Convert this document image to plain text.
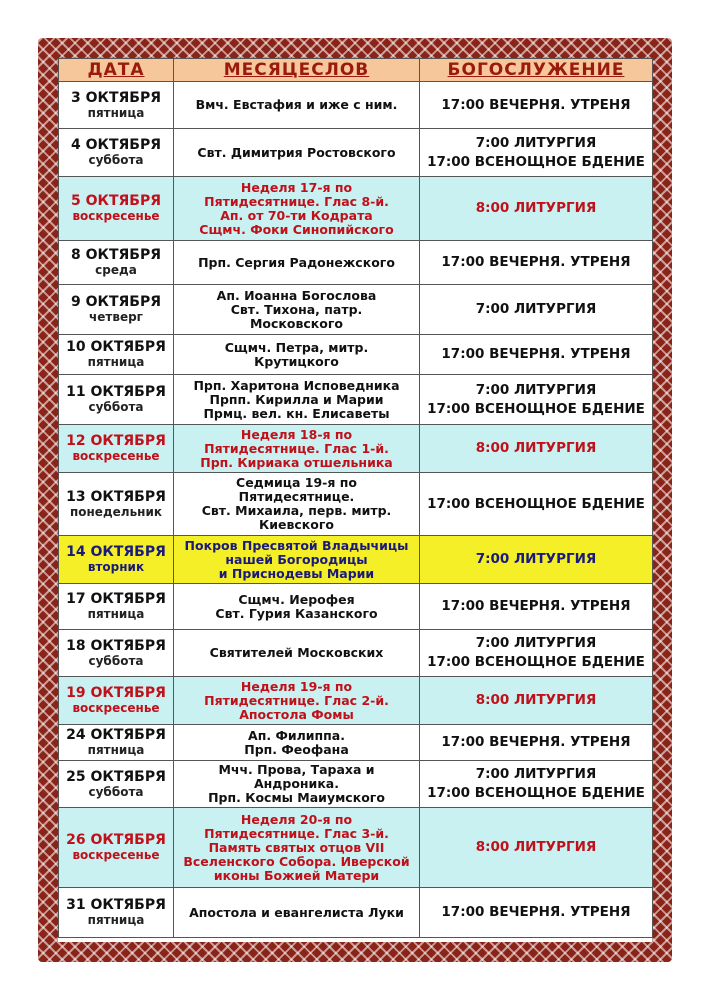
ДАТА	МЕСЯЦЕСЛОВ	БОГОСЛУЖЕНИЕ

3 ОКТЯБРЯ
пятница	Вмч. Евстафия и иже с ним.	17:00 ВЕЧЕРНЯ. УТРЕНЯ

4 ОКТЯБРЯ
суббота	Свт. Димитрия Ростовского	7:00 ЛИТУРГИЯ
17:00 ВСЕНОЩНОЕ БДЕНИЕ

5 ОКТЯБРЯ
воскресенье	Неделя 17-я по
Пятидесятнице. Глас 8-й.
Ап. от 70-ти Кодрата
Сщмч. Фоки Синопийского	8:00 ЛИТУРГИЯ

8 ОКТЯБРЯ
среда	Прп. Сергия Радонежского	17:00 ВЕЧЕРНЯ. УТРЕНЯ

9 ОКТЯБРЯ
четверг	Ап. Иоанна Богослова
Свт. Тихона, патр.
Московского	7:00 ЛИТУРГИЯ

10 ОКТЯБРЯ
пятница	Сщмч. Петра, митр.
Крутицкого	17:00 ВЕЧЕРНЯ. УТРЕНЯ

11 ОКТЯБРЯ
суббота	Прп. Харитона Исповедника
Прпп. Кирилла и Марии
Прмц. вел. кн. Елисаветы	7:00 ЛИТУРГИЯ
17:00 ВСЕНОЩНОЕ БДЕНИЕ

12 ОКТЯБРЯ
воскресенье	Неделя 18-я по
Пятидесятнице. Глас 1-й.
Прп. Кириака отшельника	8:00 ЛИТУРГИЯ

13 ОКТЯБРЯ
понедельник	Седмица 19-я по
Пятидесятнице.
Свт. Михаила, перв. митр.
Киевского	17:00 ВСЕНОЩНОЕ БДЕНИЕ

14 ОКТЯБРЯ
вторник	Покров Пресвятой Владычицы
нашей Богородицы
и Приснодевы Марии	7:00 ЛИТУРГИЯ

17 ОКТЯБРЯ
пятница	Сщмч. Иерофея
Свт. Гурия Казанского	17:00 ВЕЧЕРНЯ. УТРЕНЯ

18 ОКТЯБРЯ
суббота	Святителей Московских	7:00 ЛИТУРГИЯ
17:00 ВСЕНОЩНОЕ БДЕНИЕ

19 ОКТЯБРЯ
воскресенье	Неделя 19-я по
Пятидесятнице. Глас 2-й.
Апостола Фомы	8:00 ЛИТУРГИЯ

24 ОКТЯБРЯ
пятница	Ап. Филиппа.
Прп. Феофана	17:00 ВЕЧЕРНЯ. УТРЕНЯ

25 ОКТЯБРЯ
суббота	Мчч. Прова, Тараха и
Андроника.
Прп. Космы Маиумского	7:00 ЛИТУРГИЯ
17:00 ВСЕНОЩНОЕ БДЕНИЕ

26 ОКТЯБРЯ
воскресенье	Неделя 20-я по
Пятидесятнице. Глас 3-й.
Память святых отцов VII
Вселенского Собора. Иверской
иконы Божией Матери	8:00 ЛИТУРГИЯ

31 ОКТЯБРЯ
пятница	Апостола и евангелиста Луки	17:00 ВЕЧЕРНЯ. УТРЕНЯ
